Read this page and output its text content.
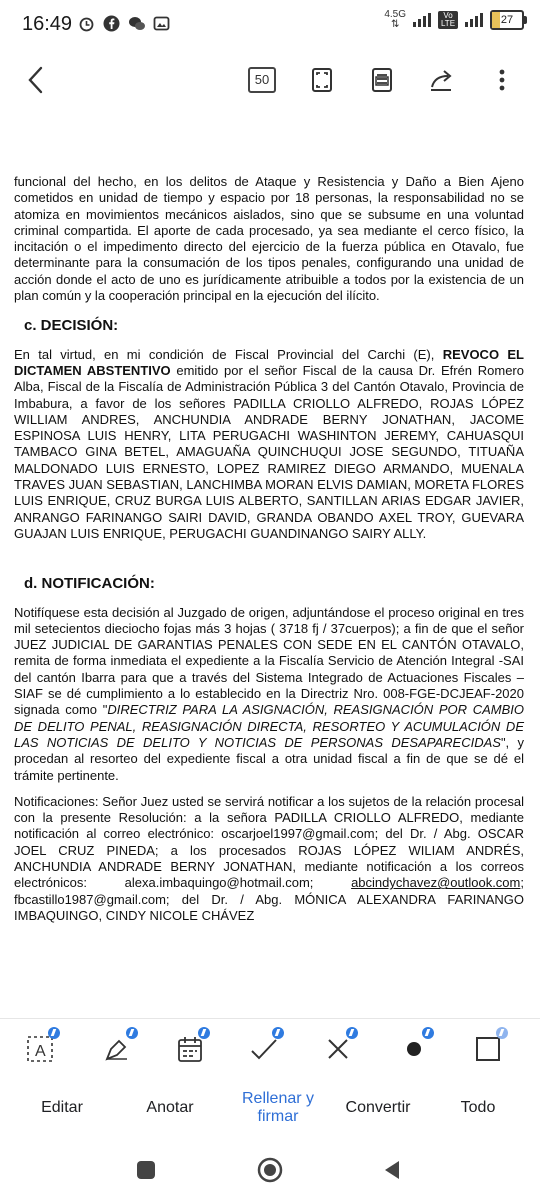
16:49	4.5G
⇅
Vo LTE	27
50

funcional del hecho, en los delitos de Ataque y Resistencia y Daño a Bien Ajeno cometidos en unidad de tiempo y espacio por 18 personas, la responsabilidad no se atomiza en movimientos mecánicos aislados, sino que se subsume en una voluntad criminal compartida. El aporte de cada procesado, ya sea mediante el cerco físico, la incitación o el impedimento directo del ejercicio de la fuerza pública en Otavalo, fue determinante para la consumación de los tipos penales, configurando una unidad de acción donde el acto de uno es jurídicamente atribuible a todos por la existencia de un plan común y la cooperación principal en la ejecución del ilícito.

c. DECISIÓN:

En tal virtud, en mi condición de Fiscal Provincial del Carchi (E), REVOCO EL DICTAMEN ABSTENTIVO emitido por el señor Fiscal de la causa Dr. Efrén Romero Alba, Fiscal de la Fiscalía de Administración Pública 3 del Cantón Otavalo, Provincia de Imbabura, a favor de los señores PADILLA CRIOLLO ALFREDO, ROJAS LÓPEZ WILLIAM ANDRES, ANCHUNDIA ANDRADE BERNY JONATHAN, JACOME ESPINOSA LUIS HENRY, LITA PERUGACHI WASHINTON JEREMY, CAHUASQUI TAMBACO GINA BETEL, AMAGUAÑA QUINCHUQUI JOSE SEGUNDO, TITUAÑA MALDONADO LUIS ERNESTO, LOPEZ RAMIREZ DIEGO ARMANDO, MUENALA TRAVES JUAN SEBASTIAN, LANCHIMBA MORAN ELVIS DAMIAN, MORETA FLORES LUIS ENRIQUE, CRUZ BURGA LUIS ALBERTO, SANTILLAN ARIAS EDGAR JAVIER, ANRANGO FARINANGO SAIRI DAVID, GRANDA OBANDO AXEL TROY, GUEVARA GUAJAN LUIS ENRIQUE, PERUGACHI GUANDINANGO SAIRY ALLY.

d. NOTIFICACIÓN:

Notifíquese esta decisión al Juzgado de origen, adjuntándose el proceso original en tres mil setecientos dieciocho fojas más 3 hojas ( 3718 fj / 37cuerpos); a fin de que el señor JUEZ JUDICIAL DE GARANTIAS PENALES CON SEDE EN EL CANTÓN OTAVALO, remita de forma inmediata el expediente a la Fiscalía Servicio de Atención Integral -SAI del cantón Ibarra para que a través del Sistema Integrado de Actuaciones Fiscales – SIAF se dé cumplimiento a lo establecido en la Directriz Nro. 008-FGE-DCJEAF-2020 signada como "DIRECTRIZ PARA LA ASIGNACIÓN, REASIGNACIÓN POR CAMBIO DE DELITO PENAL, REASIGNACIÓN DIRECTA, RESORTEO Y ACUMULACIÓN DE LAS NOTICIAS DE DELITO Y NOTICIAS DE PERSONAS DESAPARECIDAS", y procedan al resorteo del expediente fiscal a otra unidad fiscal a fin de que se dé el trámite pertinente.

Notificaciones: Señor Juez usted se servirá notificar a los sujetos de la relación procesal con la presente Resolución: a la señora PADILLA CRIOLLO ALFREDO, mediante notificación al correo electrónico: oscarjoel1997@gmail.com; del Dr. / Abg. OSCAR JOEL CRUZ PINEDA; a los procesados ROJAS LÓPEZ WILIAM ANDRÉS, ANCHUNDIA ANDRADE BERNY JONATHAN, mediante notificación a los correos electrónicos: alexa.imbaquingo@hotmail.com; abcindychavez@outlook.com; fbcastillo1987@gmail.com; del Dr. / Abg. MÓNICA ALEXANDRA FARINANGO IMBAQUINGO, CINDY NICOLE CHÁVEZ

A
Editar	Anotar
Rellenar y firmar
Convertir	Todo
